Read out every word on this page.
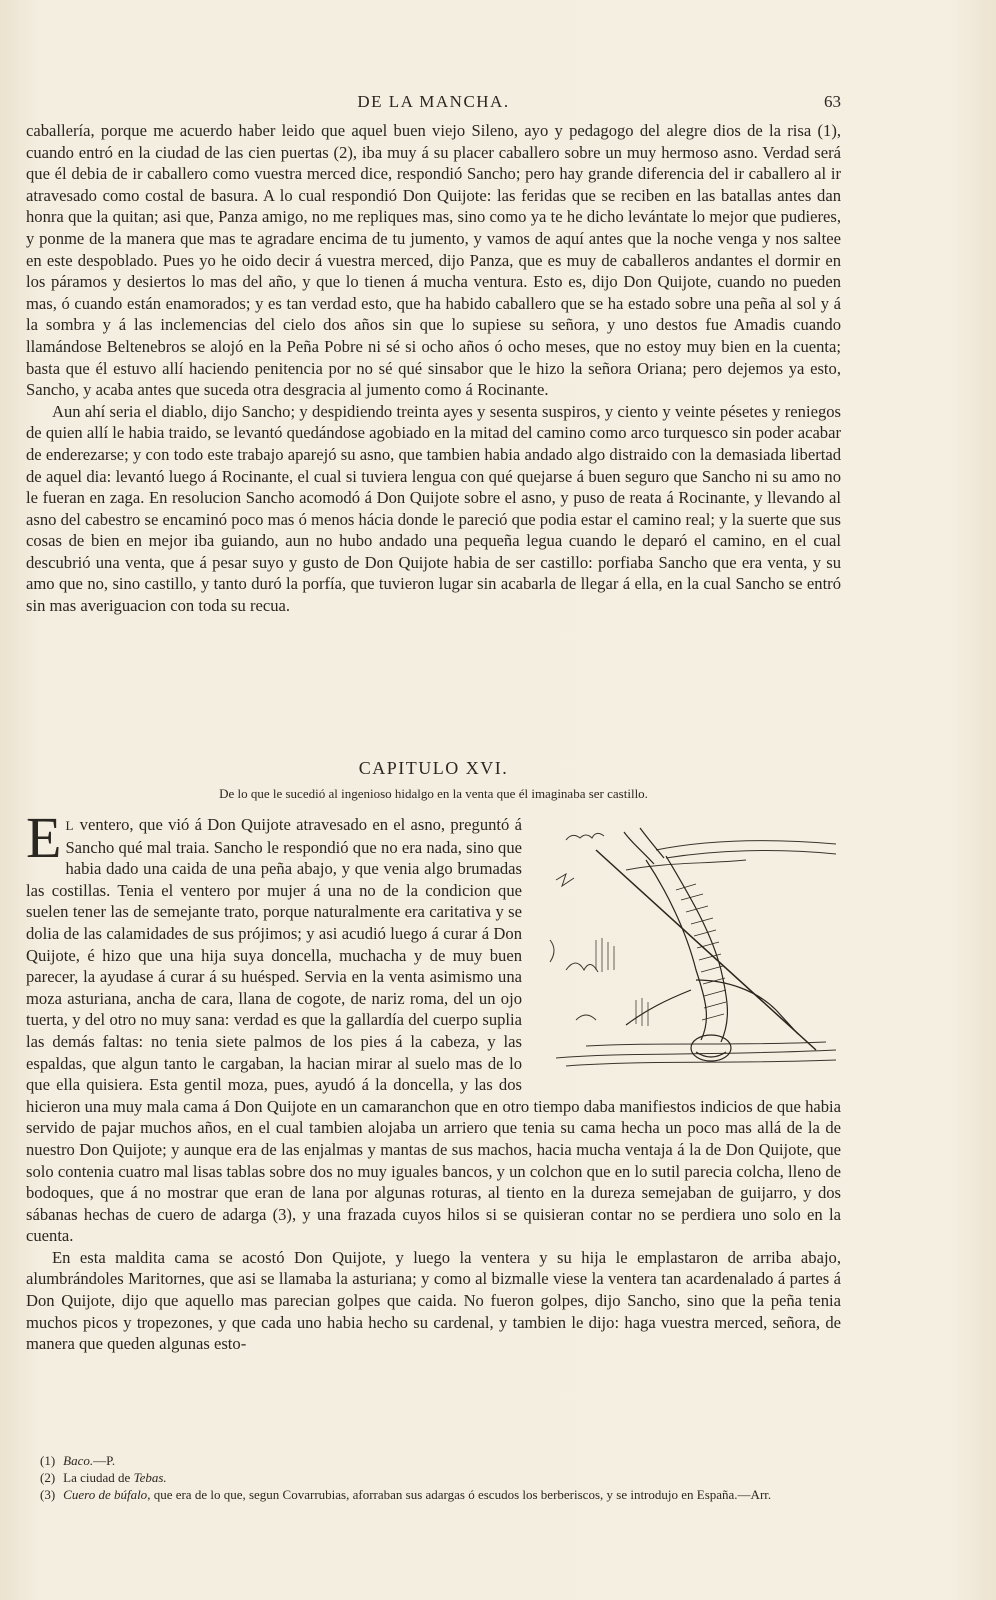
DE LA MANCHA.	63

caballería, porque me acuerdo haber leido que aquel buen viejo Sileno, ayo y pedagogo del alegre dios de la risa (1), cuando entró en la ciudad de las cien puertas (2), iba muy á su placer caballero sobre un muy hermoso asno. Verdad será que él debia de ir caballero como vuestra merced dice, respondió Sancho; pero hay grande diferencia del ir caballero al ir atravesado como costal de basura. A lo cual respondió Don Quijote: las feridas que se reciben en las batallas antes dan honra que la quitan; asi que, Panza amigo, no me repliques mas, sino como ya te he dicho levántate lo mejor que pudieres, y ponme de la manera que mas te agradare encima de tu jumento, y vamos de aquí antes que la noche venga y nos saltee en este despoblado. Pues yo he oido decir á vuestra merced, dijo Panza, que es muy de caballeros andantes el dormir en los páramos y desiertos lo mas del año, y que lo tienen á mucha ventura. Esto es, dijo Don Quijote, cuando no pueden mas, ó cuando están enamorados; y es tan verdad esto, que ha habido caballero que se ha estado sobre una peña al sol y á la sombra y á las inclemencias del cielo dos años sin que lo supiese su señora, y uno destos fue Amadis cuando llamándose Beltenebros se alojó en la Peña Pobre ni sé si ocho años ó ocho meses, que no estoy muy bien en la cuenta; basta que él estuvo allí haciendo penitencia por no sé qué sinsabor que le hizo la señora Oriana; pero dejemos ya esto, Sancho, y acaba antes que suceda otra desgracia al jumento como á Rocinante.

Aun ahí seria el diablo, dijo Sancho; y despidiendo treinta ayes y sesenta suspiros, y ciento y veinte pésetes y reniegos de quien allí le habia traido, se levantó quedándose agobiado en la mitad del camino como arco turquesco sin poder acabar de enderezarse; y con todo este trabajo aparejó su asno, que tambien habia andado algo distraido con la demasiada libertad de aquel dia: levantó luego á Rocinante, el cual si tuviera lengua con qué quejarse á buen seguro que Sancho ni su amo no le fueran en zaga. En resolucion Sancho acomodó á Don Quijote sobre el asno, y puso de reata á Rocinante, y llevando al asno del cabestro se encaminó poco mas ó menos hácia donde le pareció que podia estar el camino real; y la suerte que sus cosas de bien en mejor iba guiando, aun no hubo andado una pequeña legua cuando le deparó el camino, en el cual descubrió una venta, que á pesar suyo y gusto de Don Quijote habia de ser castillo: porfiaba Sancho que era venta, y su amo que no, sino castillo, y tanto duró la porfía, que tuvieron lugar sin acabarla de llegar á ella, en la cual Sancho se entró sin mas averiguacion con toda su recua.

CAPITULO XVI.
De lo que le sucedió al ingenioso hidalgo en la venta que él imaginaba ser castillo.
E L ventero, que vió á Don Quijote atravesado en el asno, preguntó á Sancho qué mal traia. Sancho le respondió que no era nada, sino que habia dado una caida de una peña abajo, y que venia algo brumadas las costillas. Tenia el ventero por mujer á una no de la condicion que suelen tener las de semejante trato, porque naturalmente era caritativa y se dolia de las calamidades de sus prójimos; y asi acudió luego á curar á Don Quijote, é hizo que una hija suya doncella, muchacha y de muy buen parecer, la ayudase á curar á su huésped. Servia en la venta asimismo una moza asturiana, ancha de cara, llana de cogote, de nariz roma, del un ojo tuerta, y del otro no muy sana: verdad es que la gallardía del cuerpo suplia las demás faltas: no tenia siete palmos de los pies á la cabeza, y las espaldas, que algun tanto le cargaban, la hacian mirar al suelo mas de lo que ella quisiera. Esta gentil moza, pues, ayudó á la doncella, y las dos hicieron una muy mala cama á Don Quijote en un camaranchon que en otro tiempo daba manifiestos indicios de que habia servido de pajar muchos años, en el cual tambien alojaba un arriero que tenia su cama hecha un poco mas allá de la de nuestro Don Quijote; y aunque era de las enjalmas y mantas de sus machos, hacia mucha ventaja á la de Don Quijote, que solo contenia cuatro mal lisas tablas sobre dos no muy iguales bancos, y un colchon que en lo sutil parecia colcha, lleno de bodoques, que á no mostrar que eran de lana por algunas roturas, al tiento en la dureza semejaban de guijarro, y dos sábanas hechas de cuero de adarga (3), y una frazada cuyos hilos si se quisieran contar no se perdiera uno solo en la cuenta.

En esta maldita cama se acostó Don Quijote, y luego la ventera y su hija le emplastaron de arriba abajo, alumbrándoles Maritornes, que asi se llamaba la asturiana; y como al bizmalle viese la ventera tan acardenalado á partes á Don Quijote, dijo que aquello mas parecian golpes que caida. No fueron golpes, dijo Sancho, sino que la peña tenia muchos picos y tropezones, y que cada uno habia hecho su cardenal, y tambien le dijo: haga vuestra merced, señora, de manera que queden algunas esto-

(1) Baco.—P.

(2) La ciudad de Tebas.

(3) Cuero de búfalo, que era de lo que, segun Covarrubias, aforraban sus adargas ó escudos los berberiscos, y se introdujo en España.—Arr.
